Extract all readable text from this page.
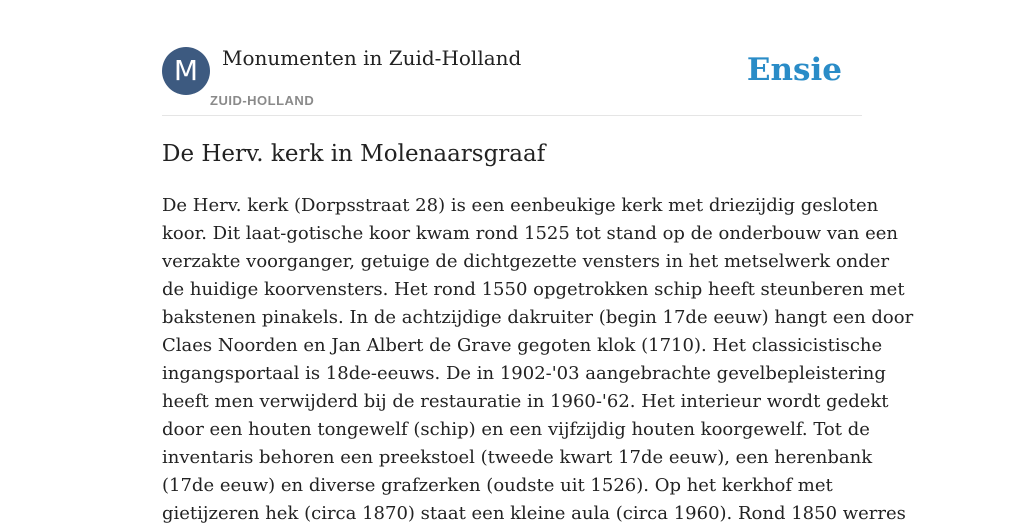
M	Monumenten in Zuid-Holland
ZUID-HOLLAND
Ensie
De Herv. kerk in Molenaarsgraaf
De Herv. kerk (Dorpsstraat 28) is een eenbeukige kerk met driezijdig gesloten
koor. Dit laat-gotische koor kwam rond 1525 tot stand op de onderbouw van een
verzakte voorganger, getuige de dichtgezette vensters in het metselwerk onder
de huidige koorvensters. Het rond 1550 opgetrokken schip heeft steunberen met
bakstenen pinakels. In de achtzijdige dakruiter (begin 17de eeuw) hangt een door
Claes Noorden en Jan Albert de Grave gegoten klok (1710). Het classicistische
ingangsportaal is 18de-eeuws. De in 1902-'03 aangebrachte gevelbepleistering
heeft men verwijderd bij de restauratie in 1960-'62. Het interieur wordt gedekt
door een houten tongewelf (schip) en een vijfzijdig houten koorgewelf. Tot de
inventaris behoren een preekstoel (tweede kwart 17de eeuw), een herenbank
(17de eeuw) en diverse grafzerken (oudste uit 1526). Op het kerkhof met
gietijzeren hek (circa 1870) staat een kleine aula (circa 1960). Rond 1850 werres
